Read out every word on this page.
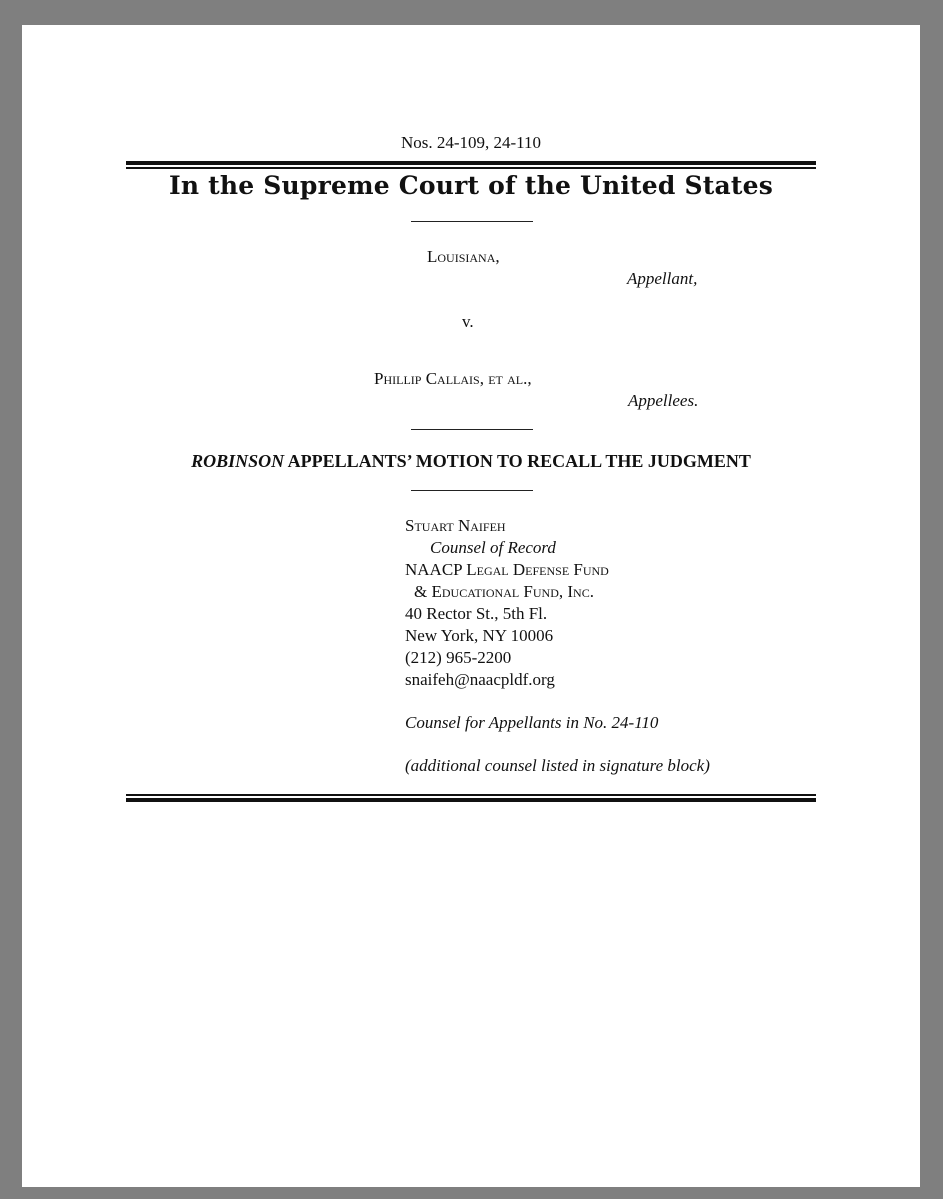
Nos. 24-109, 24-110
In the Supreme Court of the United States
Louisiana,
Appellant,
v.
Phillip Callais, et al.,
Appellees.
ROBINSON APPELLANTS’ MOTION TO RECALL THE JUDGMENT
Stuart Naifeh
Counsel of Record
NAACP Legal Defense Fund
& Educational Fund, Inc.
40 Rector St., 5th Fl.
New York, NY 10006
(212) 965-2200
snaifeh@naacpldf.org
Counsel for Appellants in No. 24-110
(additional counsel listed in signature block)
